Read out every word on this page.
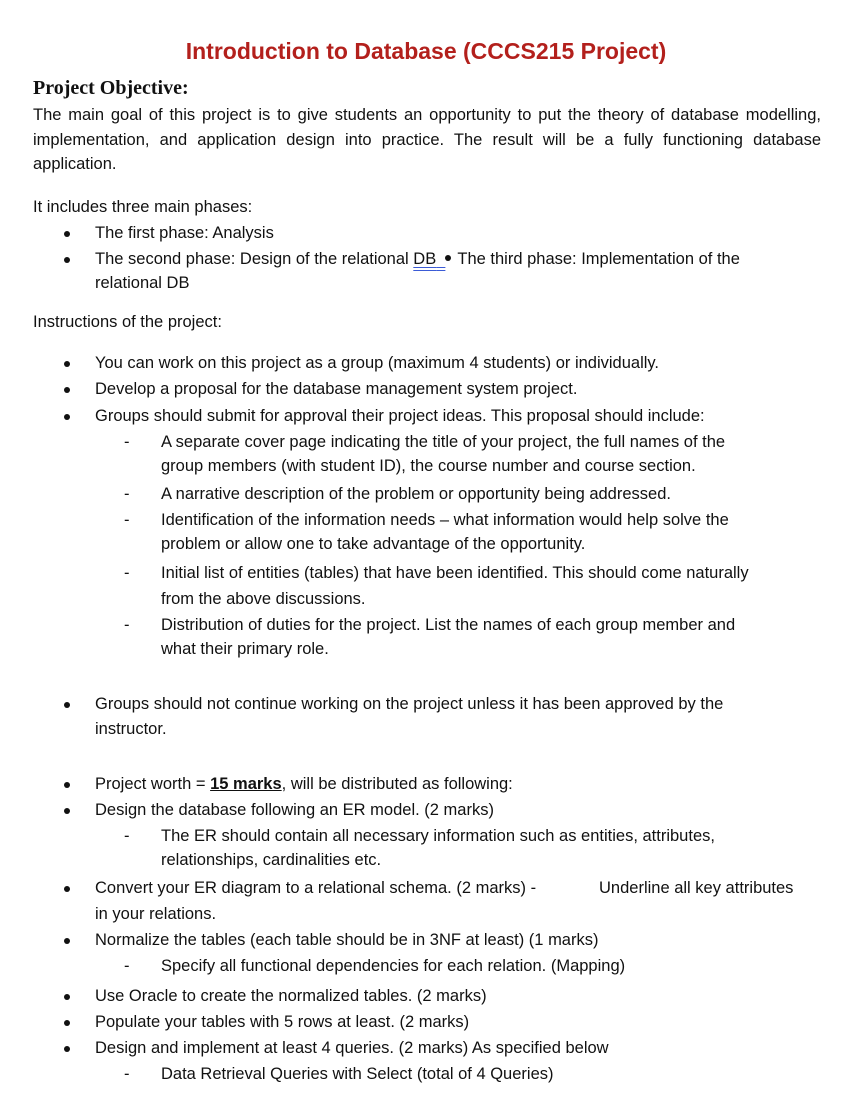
Introduction to Database (CCCS215 Project)
Project Objective:
The main goal of this project is to give students an opportunity to put the theory of database modelling, implementation, and application design into practice. The result will be a fully functioning database application.
It includes three main phases:
The first phase: Analysis
The second phase: Design of the relational DB The third phase: Implementation of the
relational DB
Instructions of the project:
You can work on this project as a group (maximum 4 students) or individually.
Develop a proposal for the database management system project.
Groups should submit for approval their project ideas. This proposal should include:
- A separate cover page indicating the title of your project, the full names of the
group members (with student ID), the course number and course section.
- A narrative description of the problem or opportunity being addressed.
- Identification of the information needs – what information would help solve the
problem or allow one to take advantage of the opportunity.
- Initial list of entities (tables) that have been identified. This should come naturally
from the above discussions.
- Distribution of duties for the project. List the names of each group member and
what their primary role.
Groups should not continue working on the project unless it has been approved by the
instructor.
Project worth = 15 marks, will be distributed as following:
Design the database following an ER model. (2 marks)
- The ER should contain all necessary information such as entities, attributes,
relationships, cardinalities etc.
Convert your ER diagram to a relational schema. (2 marks) -	Underline all key attributes
in your relations.
Normalize the tables (each table should be in 3NF at least) (1 marks)
- Specify all functional dependencies for each relation. (Mapping)
Use Oracle to create the normalized tables. (2 marks)
Populate your tables with 5 rows at least. (2 marks)
Design and implement at least 4 queries. (2 marks) As specified below
- Data Retrieval Queries with Select (total of 4 Queries)
